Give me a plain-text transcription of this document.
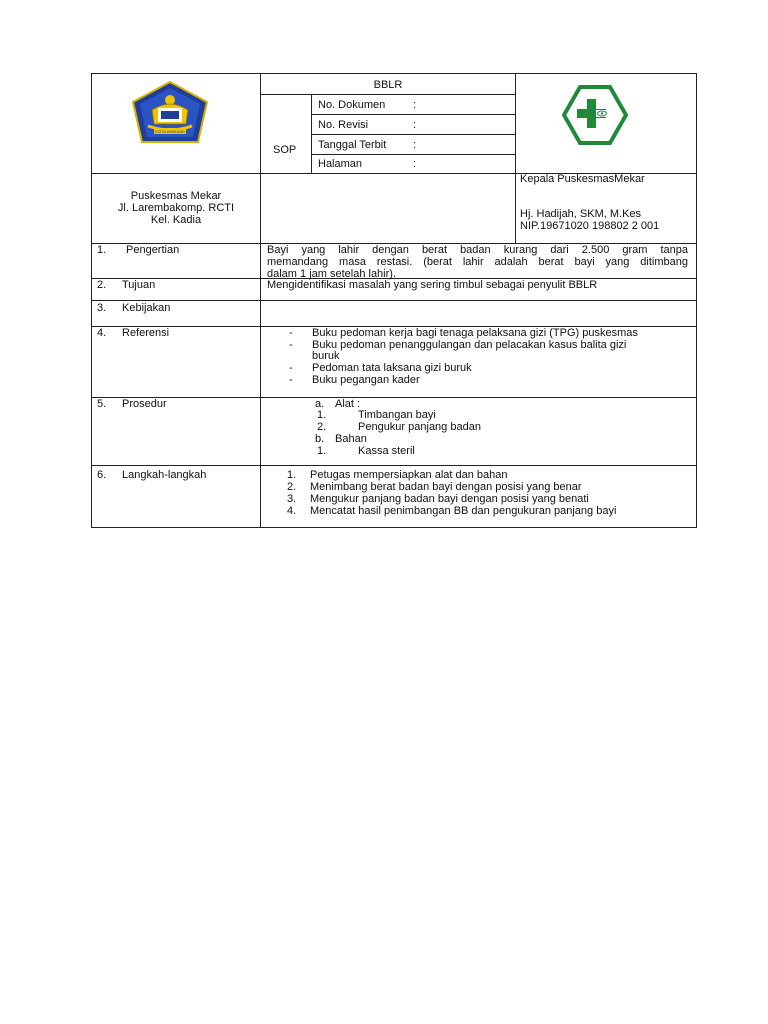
KOTA KENDARI
BBLR
SOP
No. Dokumen	:
No. Revisi	:
Tanggal Terbit :
Halaman	:
Puskesmas Mekar
Jl. Larembakomp. RCTI
Kel. Kadia
Kepala PuskesmasMekar
Hj. Hadijah, SKM, M.Kes
NIP.19671020 198802 2 001
1. Pengertian	Bayi yang lahir dengan berat badan kurang dari 2.500 gram tanpa
memandang masa restasi. (berat lahir adalah berat bayi yang ditimbang
dalam 1 jam setelah lahir).
2. Tujuan	Mengidentifikasi masalah yang sering timbul sebagai penyulit BBLR
3. Kebijakan
4. Referensi	- Buku pedoman kerja bagi tenaga pelaksana gizi (TPG) puskesmas
- Buku pedoman penanggulangan dan pelacakan kasus balita gizi
buruk
- Pedoman tata laksana gizi buruk
- Buku pegangan kader
5. Prosedur	a. Alat :
1.	Timbangan bayi
2.	Pengukur panjang badan
b. Bahan
1.	Kassa steril
6. Langkah-langkah	1. Petugas mempersiapkan alat dan bahan
2. Menimbang berat badan bayi dengan posisi yang benar
3. Mengukur panjang badan bayi dengan posisi yang benati
4. Mencatat hasil penimbangan BB dan pengukuran panjang bayi
